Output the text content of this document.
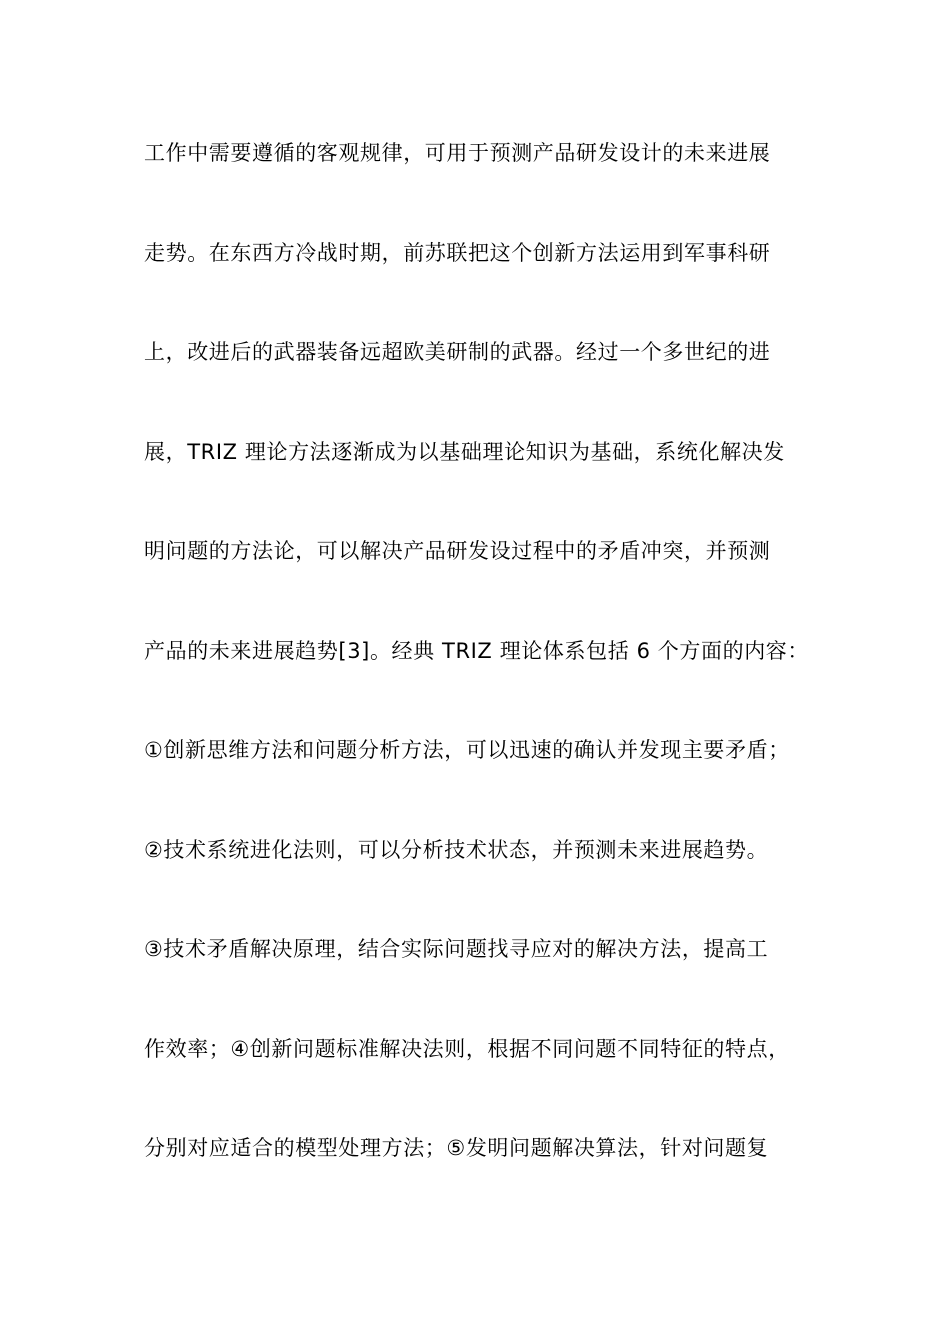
工作中需要遵循的客观规律，可用于预测产品研发设计的未来进展
走势。在东西方冷战时期，前苏联把这个创新方法运用到军事科研
上，改进后的武器装备远超欧美研制的武器。经过一个多世纪的进
展，TRIZ 理论方法逐渐成为以基础理论知识为基础，系统化解决发
明问题的方法论，可以解决产品研发设过程中的矛盾冲突，并预测
产品的未来进展趋势[3]。经典 TRIZ 理论体系包括 6 个方面的内容：
①创新思维方法和问题分析方法，可以迅速的确认并发现主要矛盾；
②技术系统进化法则，可以分析技术状态，并预测未来进展趋势。
③技术矛盾解决原理，结合实际问题找寻应对的解决方法，提高工
作效率；④创新问题标准解决法则，根据不同问题不同特征的特点，
分别对应适合的模型处理方法；⑤发明问题解决算法，针对问题复
